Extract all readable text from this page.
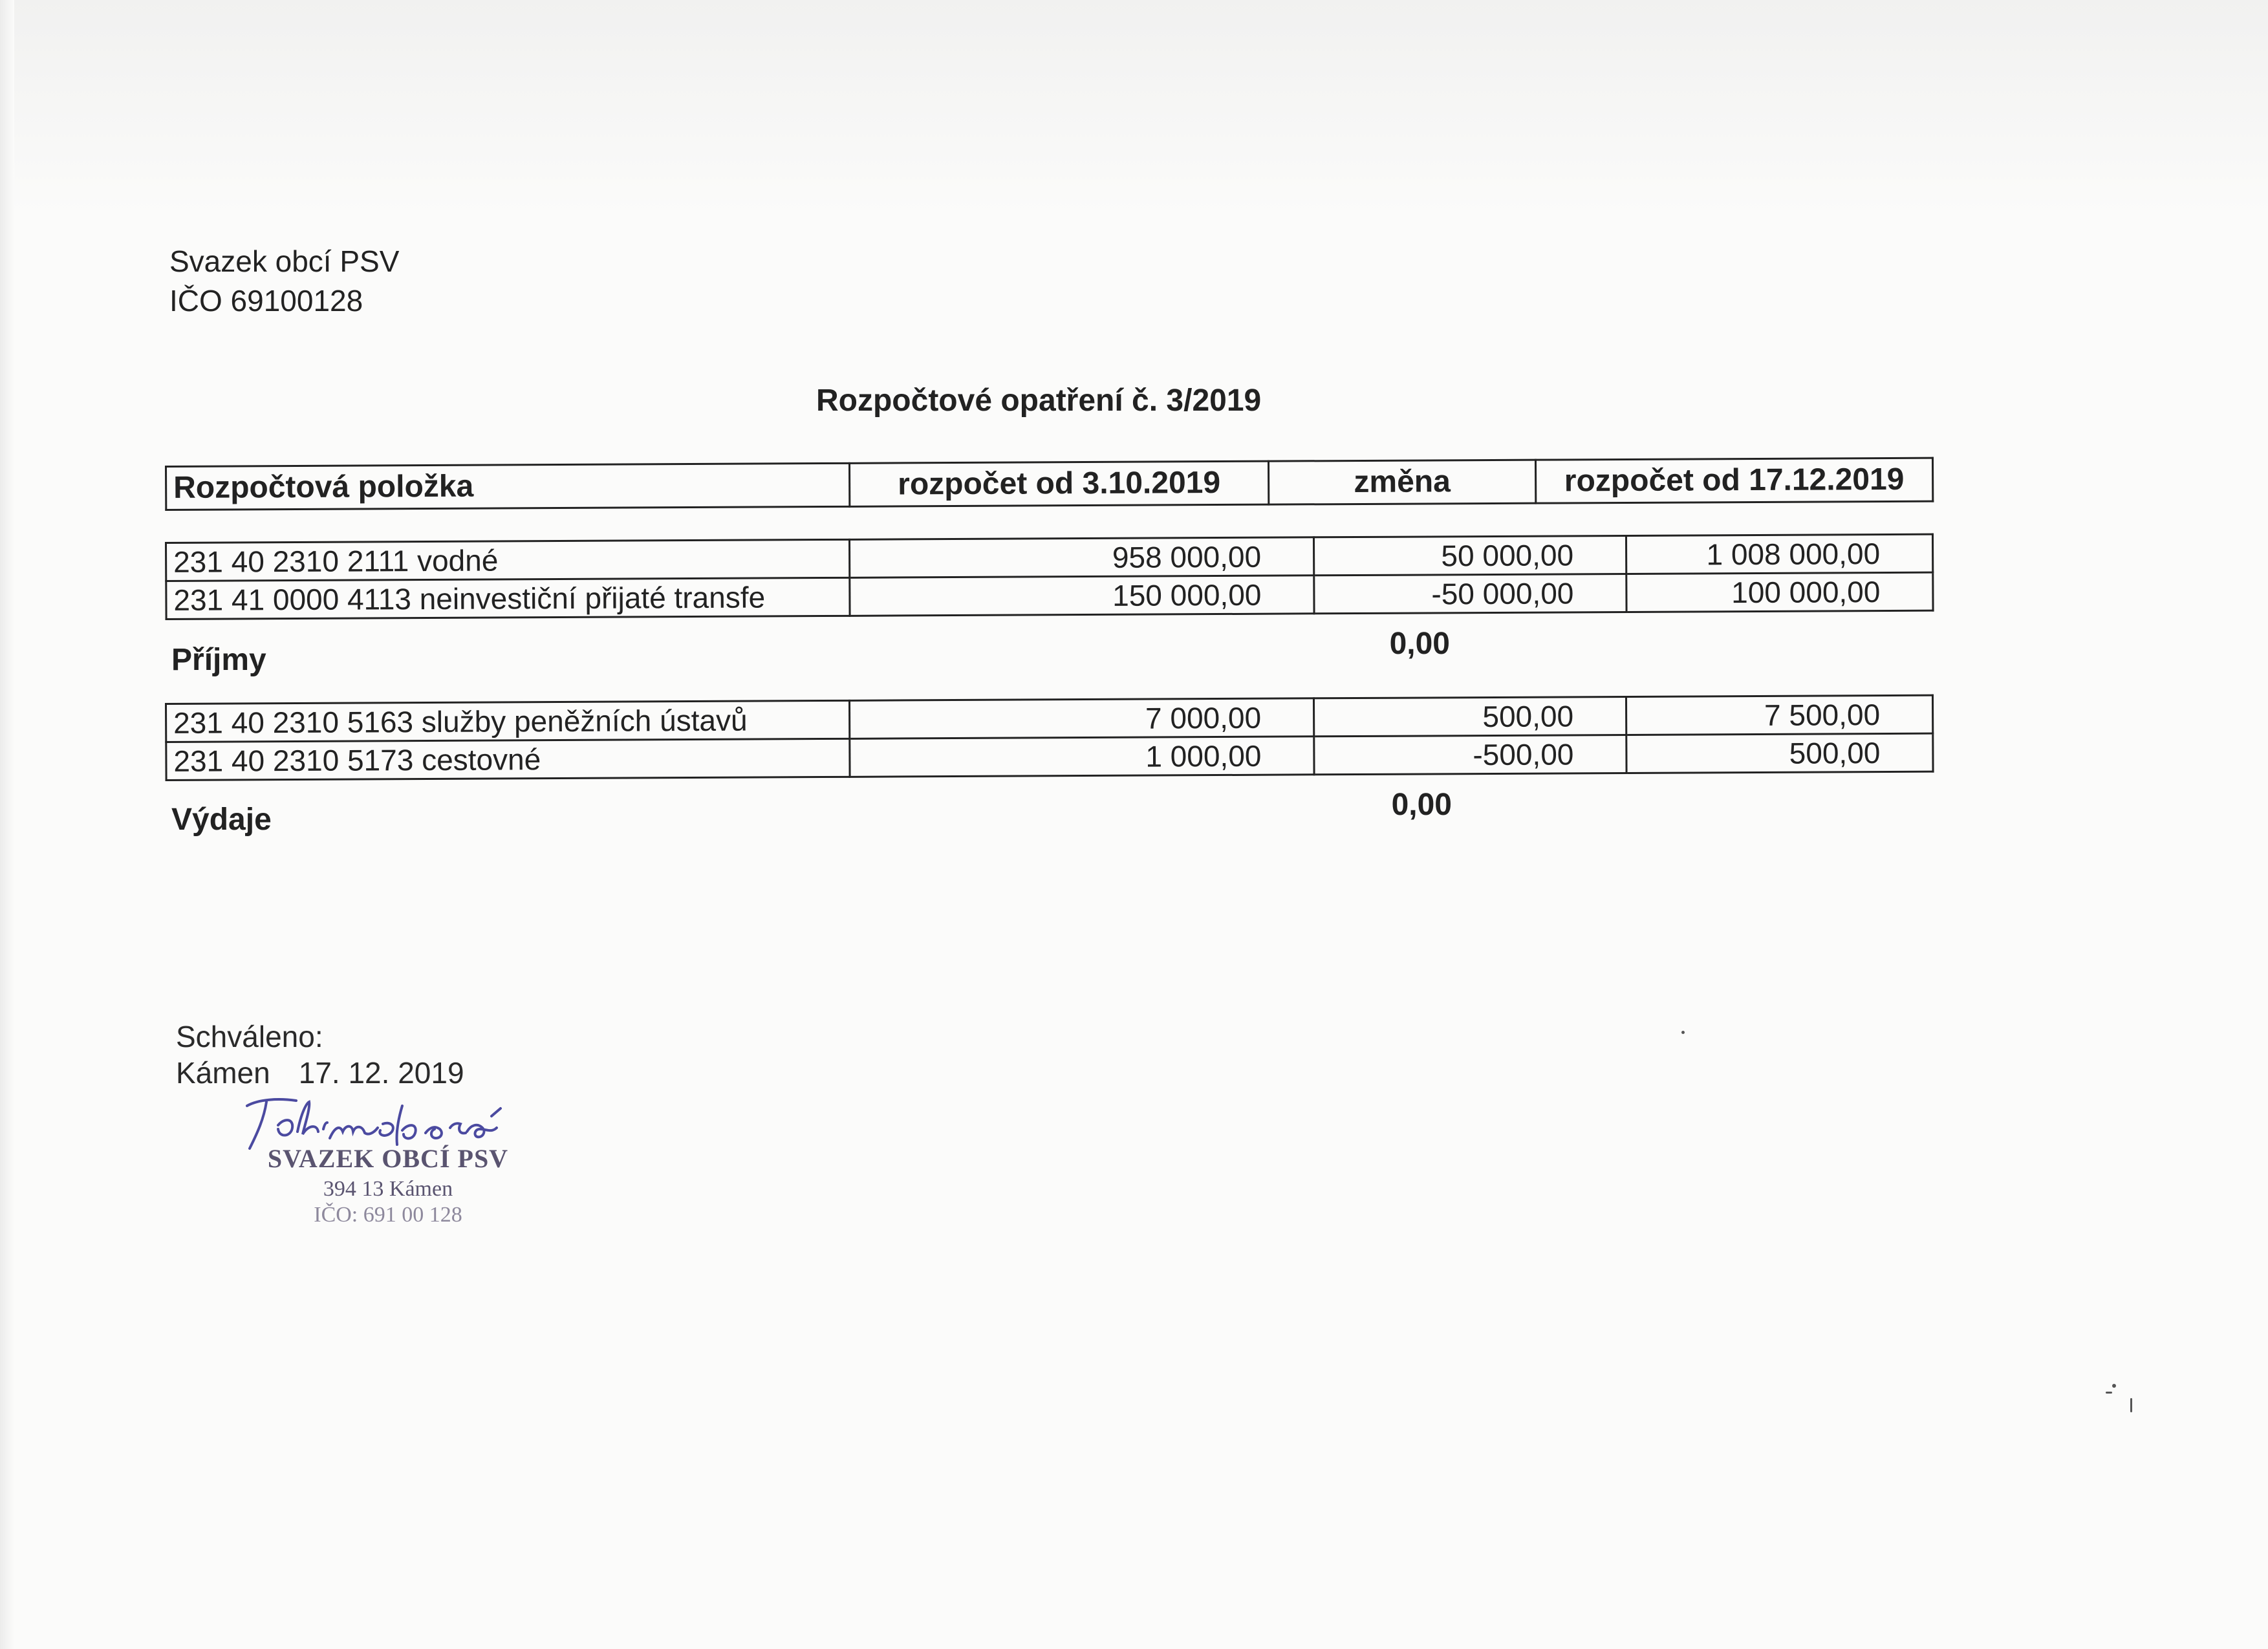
Svazek obcí PSV
IČO 69100128
Rozpočtové opatření č. 3/2019
Rozpočtová položka	rozpočet od 3.10.2019	změna	rozpočet od 17.12.2019
231 40 2310 2111 vodné	958 000,00	50 000,00	1 008 000,00
231 41 0000 4113 neinvestiční přijaté transfe	150 000,00	-50 000,00	100 000,00
Příjmy	0,00
231 40 2310 5163 služby peněžních ústavů	7 000,00	500,00	7 500,00
231 40 2310 5173 cestovné	1 000,00	-500,00	500,00
Výdaje	0,00
Schváleno:
Kámen 17. 12. 2019
SVAZEK OBCÍ PSV
394 13 Kámen
IČO: 691 00 128
